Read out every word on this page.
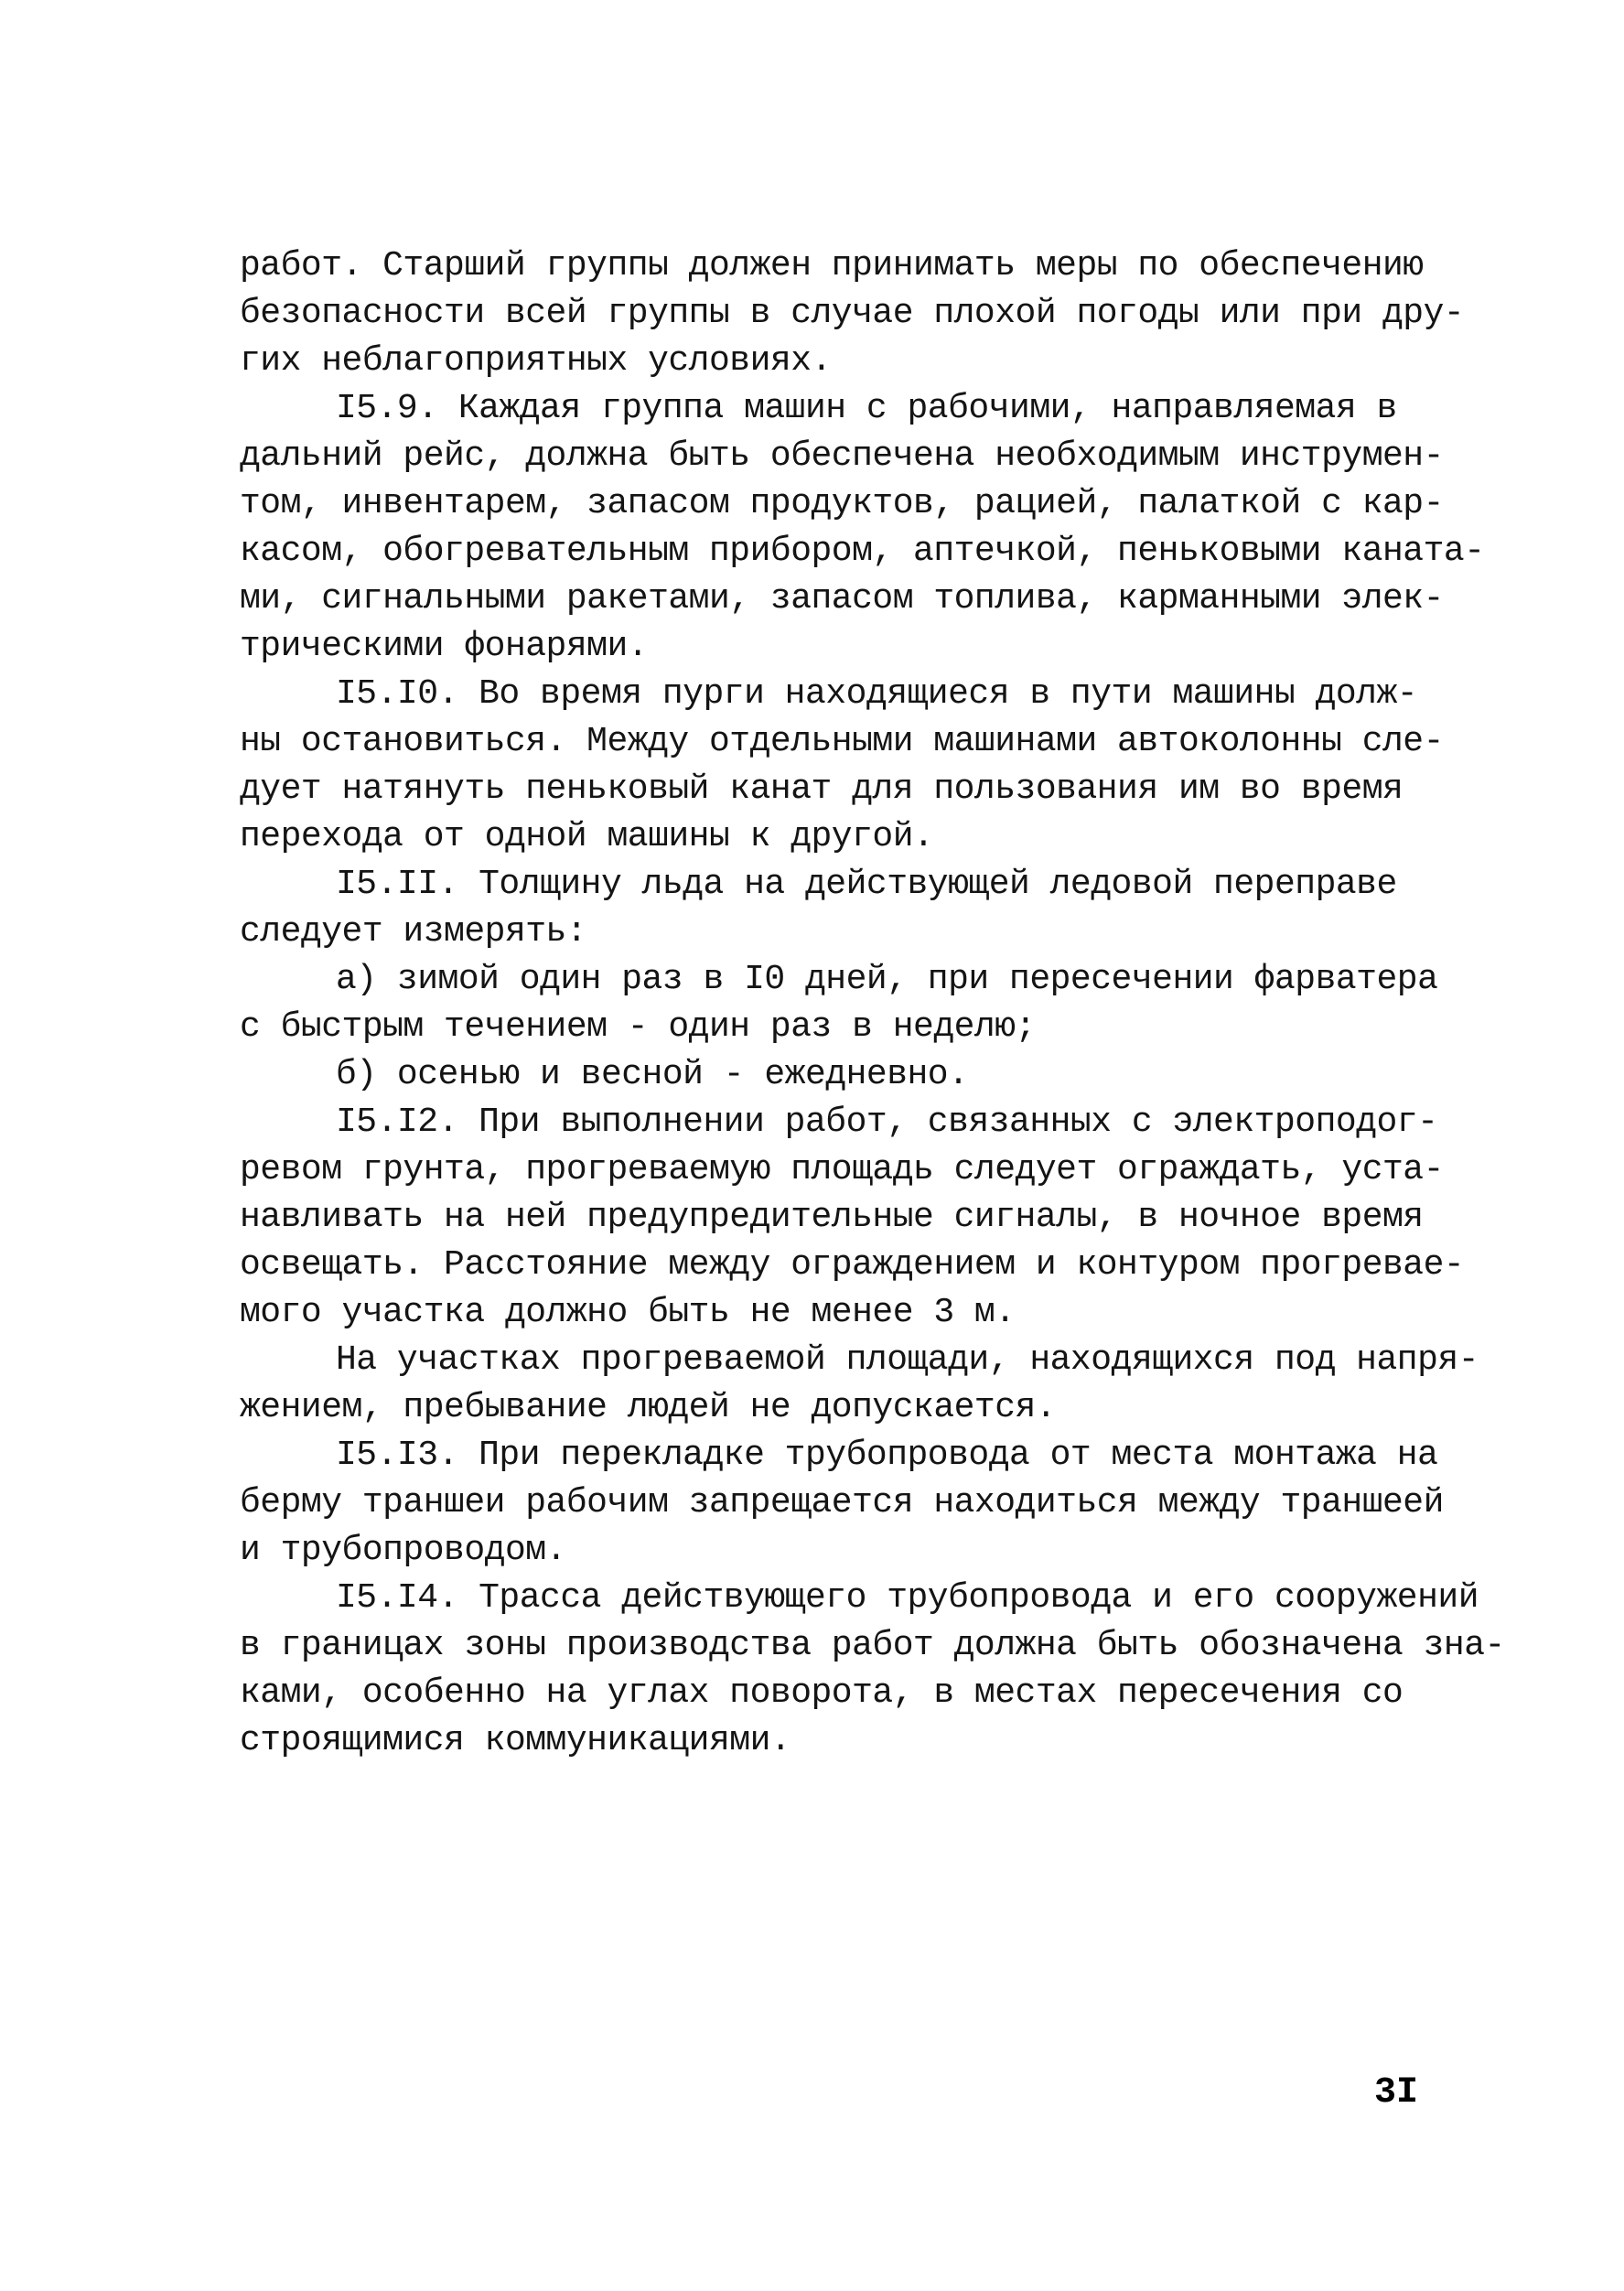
работ. Старший группы должен принимать меры по обеспечению
безопасности всей группы в случае плохой погоды или при дру-
гих неблагоприятных условиях.
I5.9. Каждая группа машин с рабочими, направляемая в
дальний рейс, должна быть обеспечена необходимым инструмен-
том, инвентарем, запасом продуктов, рацией, палаткой с кар-
касом, обогревательным прибором, аптечкой, пеньковыми каната-
ми, сигнальными ракетами, запасом топлива, карманными элек-
трическими фонарями.
I5.I0. Во время пурги находящиеся в пути машины долж-
ны остановиться. Между отдельными машинами автоколонны сле-
дует натянуть пеньковый канат для пользования им во время
перехода от одной машины к другой.
I5.II. Толщину льда на действующей ледовой переправе
следует измерять:
а) зимой один раз в I0 дней, при пересечении фарватера
с быстрым течением - один раз в неделю;
б) осенью и весной - ежедневно.
I5.I2. При выполнении работ, связанных с электроподог-
ревом грунта, прогреваемую площадь следует ограждать, уста-
навливать на ней предупредительные сигналы, в ночное время
освещать. Расстояние между ограждением и контуром прогревае-
мого участка должно быть не менее 3 м.
На участках прогреваемой площади, находящихся под напря-
жением, пребывание людей не допускается.
I5.I3. При перекладке трубопровода от места монтажа на
берму траншеи рабочим запрещается находиться между траншеей
и трубопроводом.
I5.I4. Трасса действующего трубопровода и его сооружений
в границах зоны производства работ должна быть обозначена зна-
ками, особенно на углах поворота, в местах пересечения со
строящимися коммуникациями.
3I
